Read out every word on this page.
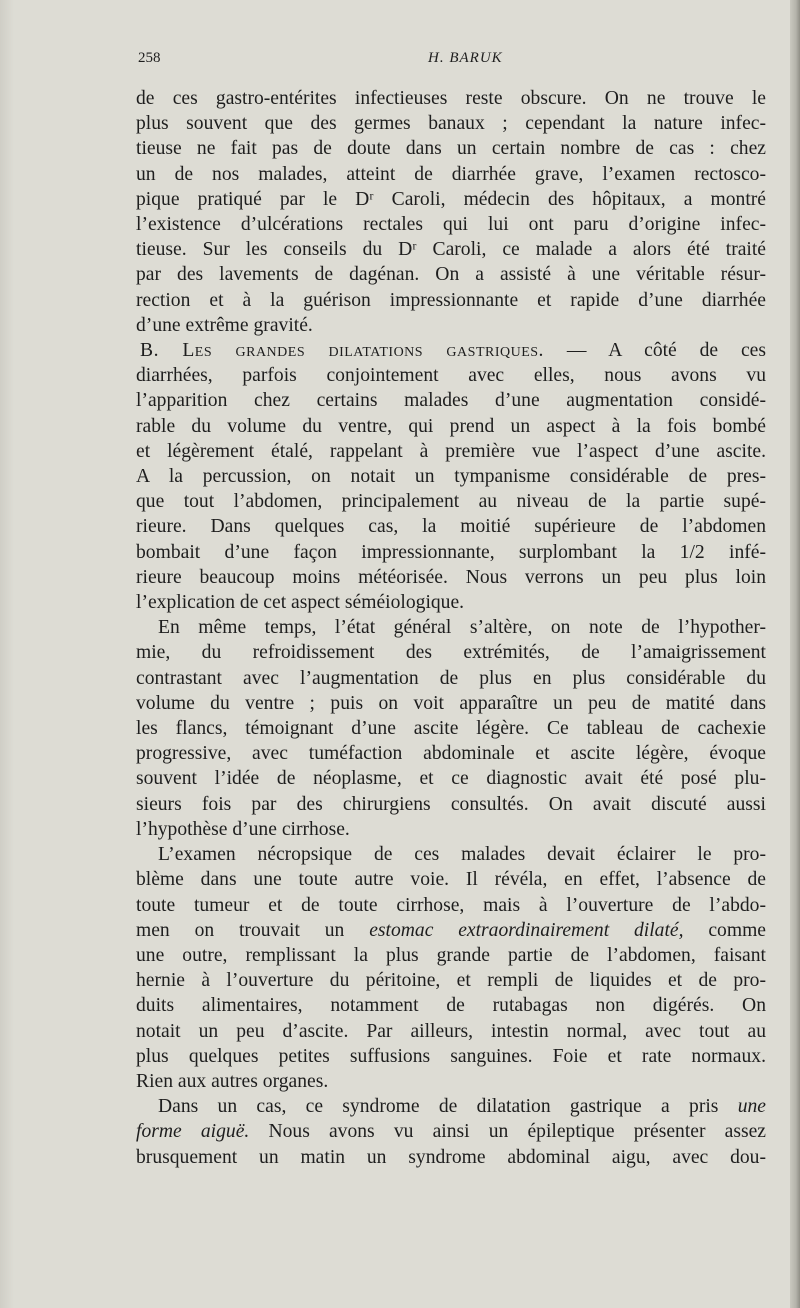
258	H. BARUK

de ces gastro-entérites infectieuses reste obscure. On ne trouve le
plus souvent que des germes banaux ; cependant la nature infec-
tieuse ne fait pas de doute dans un certain nombre de cas : chez
un de nos malades, atteint de diarrhée grave, l’examen rectosco-
pique pratiqué par le Dʳ Caroli, médecin des hôpitaux, a montré
l’existence d’ulcérations rectales qui lui ont paru d’origine infec-
tieuse. Sur les conseils du Dʳ Caroli, ce malade a alors été traité
par des lavements de dagénan. On a assisté à une véritable résur-
rection et à la guérison impressionnante et rapide d’une diarrhée
d’une extrême gravité.

B. Les grandes dilatations gastriques. — A côté de ces
diarrhées, parfois conjointement avec elles, nous avons vu
l’apparition chez certains malades d’une augmentation considé-
rable du volume du ventre, qui prend un aspect à la fois bombé
et légèrement étalé, rappelant à première vue l’aspect d’une ascite.
A la percussion, on notait un tympanisme considérable de pres-
que tout l’abdomen, principalement au niveau de la partie supé-
rieure. Dans quelques cas, la moitié supérieure de l’abdomen
bombait d’une façon impressionnante, surplombant la 1/2 infé-
rieure beaucoup moins météorisée. Nous verrons un peu plus loin
l’explication de cet aspect séméiologique.

En même temps, l’état général s’altère, on note de l’hypother-
mie, du refroidissement des extrémités, de l’amaigrissement
contrastant avec l’augmentation de plus en plus considérable du
volume du ventre ; puis on voit apparaître un peu de matité dans
les flancs, témoignant d’une ascite légère. Ce tableau de cachexie
progressive, avec tuméfaction abdominale et ascite légère, évoque
souvent l’idée de néoplasme, et ce diagnostic avait été posé plu-
sieurs fois par des chirurgiens consultés. On avait discuté aussi
l’hypothèse d’une cirrhose.

L’examen nécropsique de ces malades devait éclairer le pro-
blème dans une toute autre voie. Il révéla, en effet, l’absence de
toute tumeur et de toute cirrhose, mais à l’ouverture de l’abdo-
men on trouvait un estomac extraordinairement dilaté, comme
une outre, remplissant la plus grande partie de l’abdomen, faisant
hernie à l’ouverture du péritoine, et rempli de liquides et de pro-
duits alimentaires, notamment de rutabagas non digérés. On
notait un peu d’ascite. Par ailleurs, intestin normal, avec tout au
plus quelques petites suffusions sanguines. Foie et rate normaux.
Rien aux autres organes.

Dans un cas, ce syndrome de dilatation gastrique a pris une
forme aiguë. Nous avons vu ainsi un épileptique présenter assez
brusquement un matin un syndrome abdominal aigu, avec dou-
